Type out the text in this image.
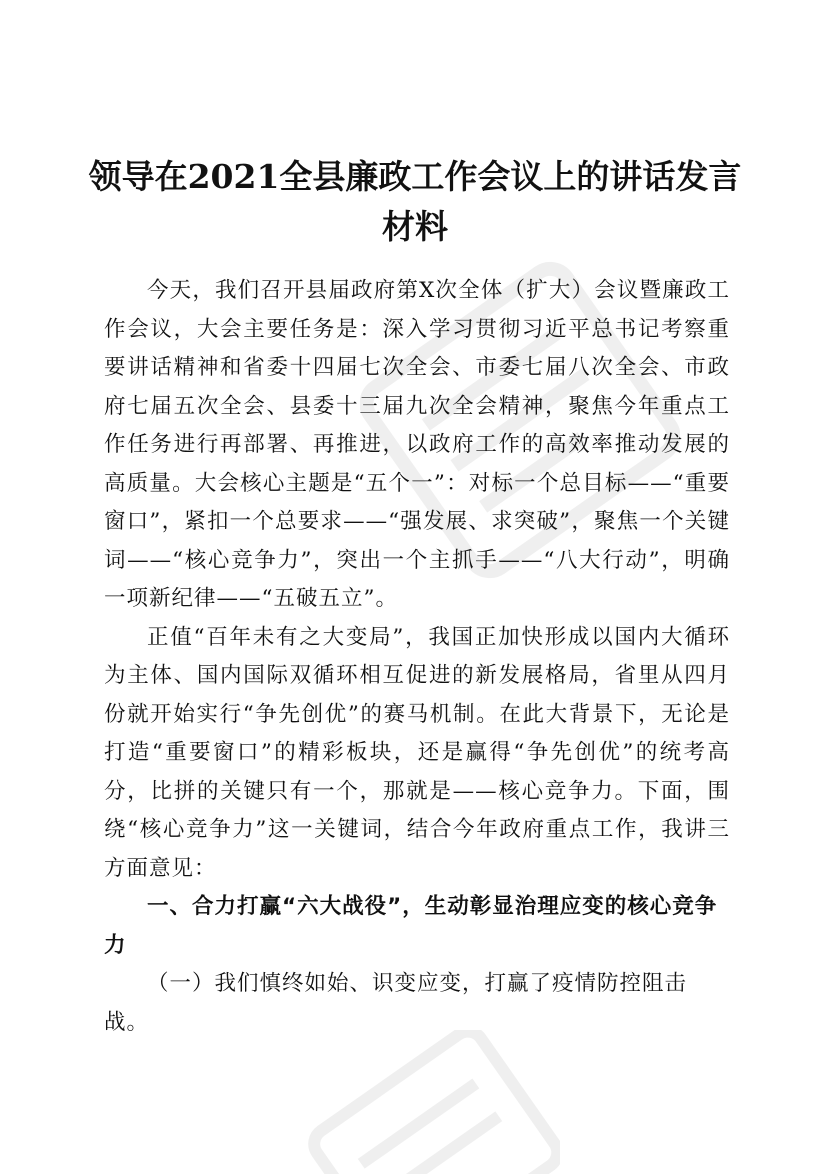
领导在2021全县廉政工作会议上的讲话发言材料

今天，我们召开县届政府第Ⅹ次全体（扩大）会议暨廉政工作会议，大会主要任务是：深入学习贯彻习近平总书记考察重要讲话精神和省委十四届七次全会、市委七届八次全会、市政府七届五次全会、县委十三届九次全会精神，聚焦今年重点工作任务进行再部署、再推进，以政府工作的高效率推动发展的高质量。大会核心主题是“五个一”：对标一个总目标——“重要窗口”，紧扣一个总要求——“强发展、求突破”，聚焦一个关键词——“核心竞争力”，突出一个主抓手——“八大行动”，明确一项新纪律——“五破五立”。

正值“百年未有之大变局”，我国正加快形成以国内大循环为主体、国内国际双循环相互促进的新发展格局，省里从四月份就开始实行“争先创优”的赛马机制。在此大背景下，无论是打造“重要窗口”的精彩板块，还是赢得“争先创优”的统考高分，比拼的关键只有一个，那就是——核心竞争力。下面，围绕“核心竞争力”这一关键词，结合今年政府重点工作，我讲三方面意见：

一、合力打赢“六大战役”，生动彰显治理应变的核心竞争力

（一）我们慎终如始、识变应变，打赢了疫情防控阻击战。
